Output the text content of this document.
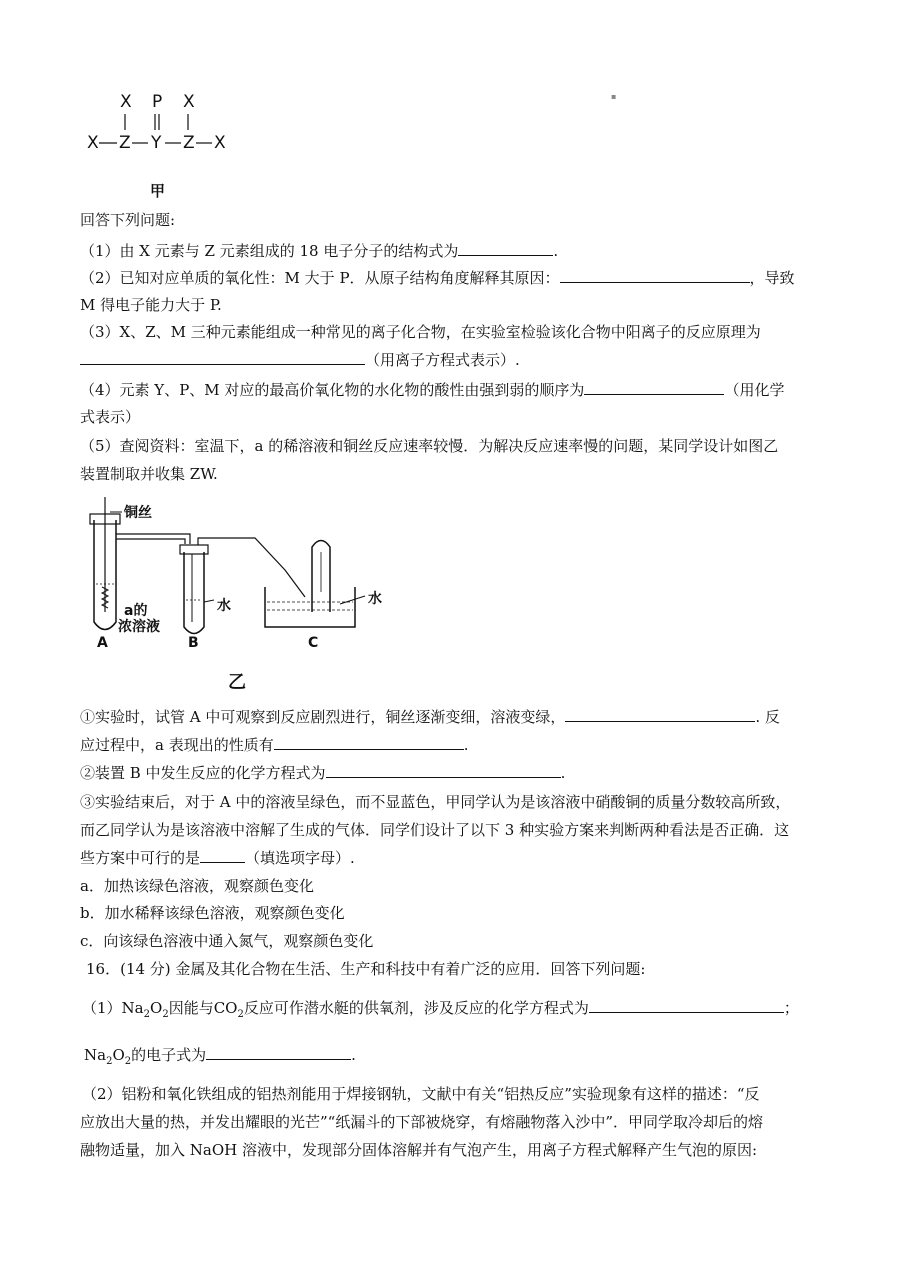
▪
X P X
X Z Y Z X
甲
回答下列问题:
（1）由 X 元素与 Z 元素组成的 18 电子分子的结构式为	.
（2）已知对应单质的氧化性：M 大于 P．从原子结构角度解释其原因：	，导致
M 得电子能力大于 P.
（3）X、Z、M 三种元素能组成一种常见的离子化合物，在实验室检验该化合物中阳离子的反应原理为
（用离子方程式表示）.
（4）元素 Y、P、M 对应的最高价氧化物的水化物的酸性由强到弱的顺序为	（用化学
式表示）
（5）查阅资料：室温下，a 的稀溶液和铜丝反应速率较慢．为解决反应速率慢的问题，某同学设计如图乙
装置制取并收集 ZW.
铜丝
a的
浓溶液
水	水
A	B	C
乙
①实验时，试管 A 中可观察到反应剧烈进行，铜丝逐渐变细，溶液变绿，	. 反
应过程中，a 表现出的性质有	.
②装置 B 中发生反应的化学方程式为	.
③实验结束后，对于 A 中的溶液呈绿色，而不显蓝色，甲同学认为是该溶液中硝酸铜的质量分数较高所致，
而乙同学认为是该溶液中溶解了生成的气体．同学们设计了以下 3 种实验方案来判断两种看法是否正确．这
些方案中可行的是	（填选项字母）.
a．加热该绿色溶液，观察颜色变化
b．加水稀释该绿色溶液，观察颜色变化
c．向该绿色溶液中通入氮气，观察颜色变化
16．(14 分) 金属及其化合物在生活、生产和科技中有着广泛的应用．回答下列问题:
$(1)Na_2O_2$因能与$CO_2$反应可作潜水艇的供氧剂，涉及反应的化学方程式为	；
$Na_2O_2$的电子式为	.
（2）铝粉和氧化铁组成的铝热剂能用于焊接钢轨，文献中有关“铝热反应”实验现象有这样的描述：“反
应放出大量的热，并发出耀眼的光芒”“纸漏斗的下部被烧穿，有熔融物落入沙中”．甲同学取冷却后的熔
融物适量，加入 NaOH 溶液中，发现部分固体溶解并有气泡产生，用离子方程式解释产生气泡的原因:
